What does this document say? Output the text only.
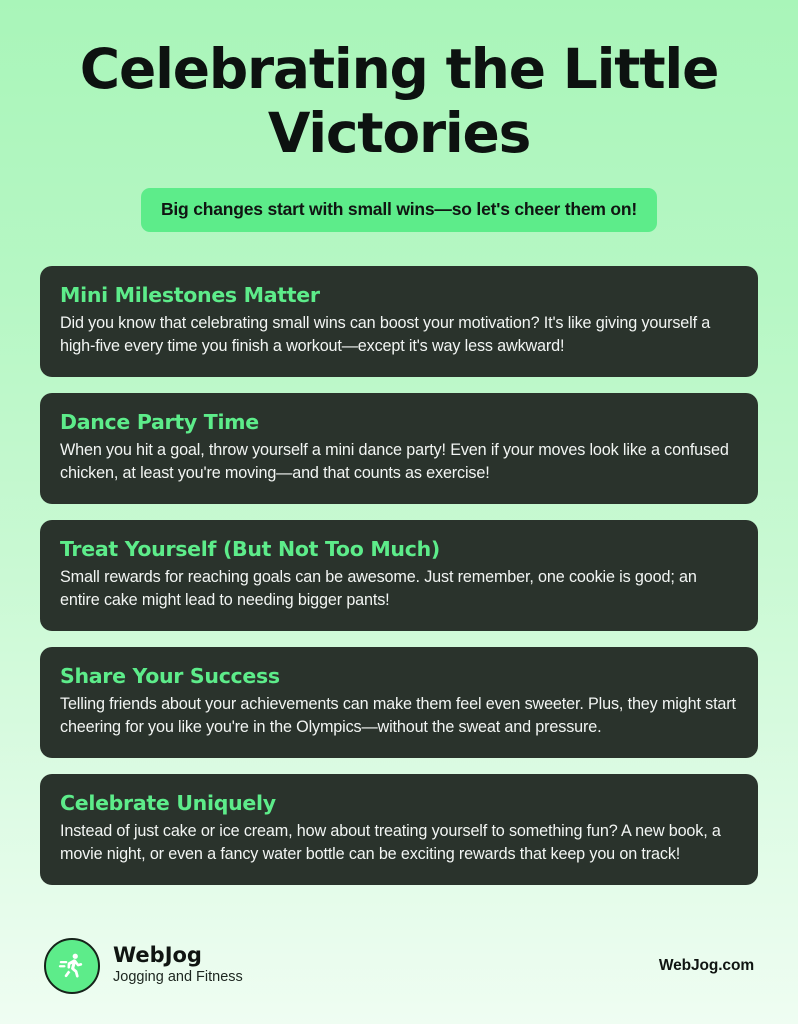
Celebrating the Little Victories
Big changes start with small wins—so let's cheer them on!
Mini Milestones Matter

Did you know that celebrating small wins can boost your motivation? It's like giving yourself a high-five every time you finish a workout—except it's way less awkward!

Dance Party Time

When you hit a goal, throw yourself a mini dance party! Even if your moves look like a confused chicken, at least you're moving—and that counts as exercise!

Treat Yourself (But Not Too Much)

Small rewards for reaching goals can be awesome. Just remember, one cookie is good; an entire cake might lead to needing bigger pants!

Share Your Success

Telling friends about your achievements can make them feel even sweeter. Plus, they might start cheering for you like you're in the Olympics—without the sweat and pressure.

Celebrate Uniquely

Instead of just cake or ice cream, how about treating yourself to something fun? A new book, a movie night, or even a fancy water bottle can be exciting rewards that keep you on track!

WebJog
Jogging and Fitness
WebJog.com
